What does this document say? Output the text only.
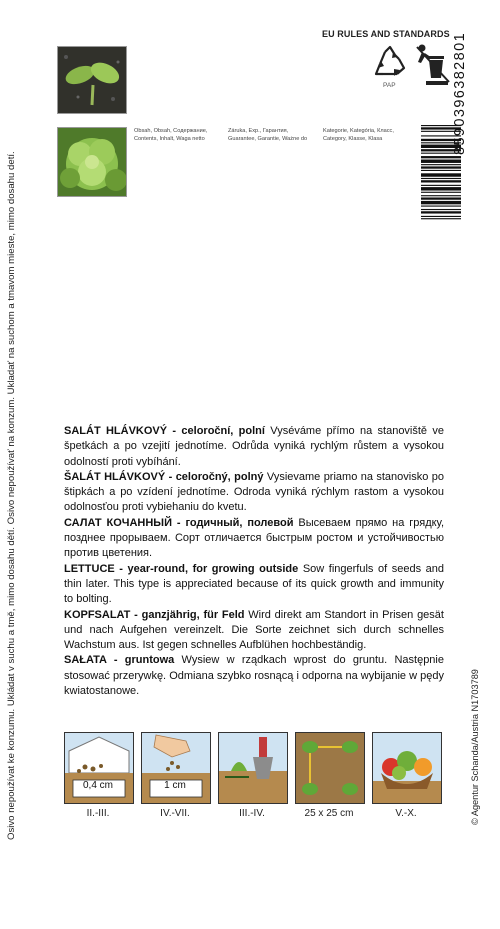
Osivo nepoužívat ke konzumu. Ukládat v suchu a tmě, mimo dosahu dětí. Osivo nepoužívať na konzum. Ukladať na suchom a tmavom mieste, mimo dosahu detí.	© Agentur Schanda/Austria N1703789
EU RULES AND STANDARDS
PAP
Obsah, Obsah, Содержание,
Contents, Inhalt, Waga netto
Záruka, Exp., Гарантия,
Guarantee, Garantie, Ważne do
Kategorie, Kategória, Класс,
Category, Klasse, Klasa	8590396382801

SALÁT HLÁVKOVÝ - celoroční, polní Vyséváme přímo na stanoviště ve špetkách a po vzejití jednotíme. Odrůda vyniká rychlým růstem a vysokou odolností proti vybíhání.

ŠALÁT HLÁVKOVÝ - celoročný, polný Vysievame priamo na stanovisko po štipkách a po vzídení jednotíme. Odroda vyniká rýchlym rastom a vysokou odolnosťou proti vybiehaniu do kvetu.

САЛАТ КОЧАННЫЙ - годичный, полевой Высеваем прямо на грядку, позднее прорываем. Сорт отличается быстрым ростом и устойчивостью против цветения.

LETTUCE - year-round, for growing outside Sow fingerfuls of seeds and thin later. This type is appreciated because of its quick growth and immunity to bolting.

KOPFSALAT - ganzjährig, für Feld Wird direkt am Standort in Prisen gesät und nach Aufgehen vereinzelt. Die Sorte zeichnet sich durch schnelles Wachstum aus. Ist gegen schnelles Aufblühen hochbeständig.

SAŁATA - gruntowa Wysiew w rządkach wprost do gruntu. Następnie stosować przerywkę. Odmiana szybko rosnącą i odporna na wybijanie w pędy kwiatostanowe.

0,4 cm	1 cm
II.-III.	IV.-VII.	III.-IV.	25 x 25 cm	V.-X.
